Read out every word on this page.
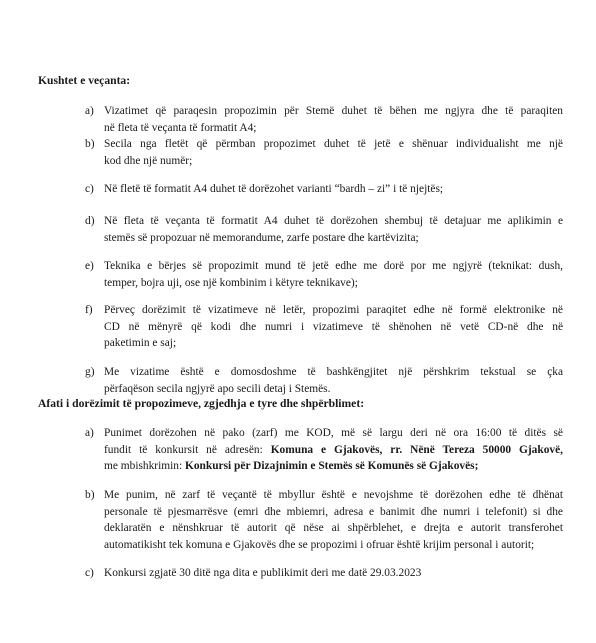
Kushtet e veçanta:
a) Vizatimet që paraqesin propozimin për Stemë duhet të bëhen me ngjyra dhe të paraqiten
në fleta të veçanta të formatit A4;
b) Secila nga fletët që përmban propozimet duhet të jetë e shënuar individualisht me një
kod dhe një numër;
c) Në fletë të formatit A4 duhet të dorëzohet varianti “bardh – zi” i të njejtës;
d) Në fleta të veçanta të formatit A4 duhet të dorëzohen shembuj të detajuar me aplikimin e
stemës së propozuar në memorandume, zarfe postare dhe kartëvizita;
e) Teknika e bërjes së propozimit mund të jetë edhe me dorë por me ngjyrë (teknikat: dush,
temper, bojra uji, ose një kombinim i këtyre teknikave);
f) Përveç dorëzimit të vizatimeve në letër, propozimi paraqitet edhe në formë elektronike në
CD në mënyrë që kodi dhe numri i vizatimeve të shënohen në vetë CD-në dhe në
paketimin e saj;
g) Me vizatime është e domosdoshme të bashkëngjitet një përshkrim tekstual se çka
përfaqëson secila ngjyrë apo secili detaj i Stemës.
Afati i dorëzimit të propozimeve, zgjedhja e tyre dhe shpërblimet:
a) Punimet dorëzohen në pako (zarf) me KOD, më së largu deri në ora 16:00 të ditës së
fundit të konkursit në adresën: Komuna e Gjakovës, rr. Nënë Tereza 50000 Gjakovë,
me mbishkrimin: Konkursi për Dizajnimin e Stemës së Komunës së Gjakovës;
b) Me punim, në zarf të veçantë të mbyllur është e nevojshme të dorëzohen edhe të dhënat
personale të pjesmarrësve (emri dhe mbiemri, adresa e banimit dhe numri i telefonit) si dhe
deklaratën e nënshkruar të autorit që nëse ai shpërblehet, e drejta e autorit transferohet
automatikisht tek komuna e Gjakovës dhe se propozimi i ofruar është krijim personal i autorit;
c) Konkursi zgjatë 30 ditë nga dita e publikimit deri me datë 29.03.2023
